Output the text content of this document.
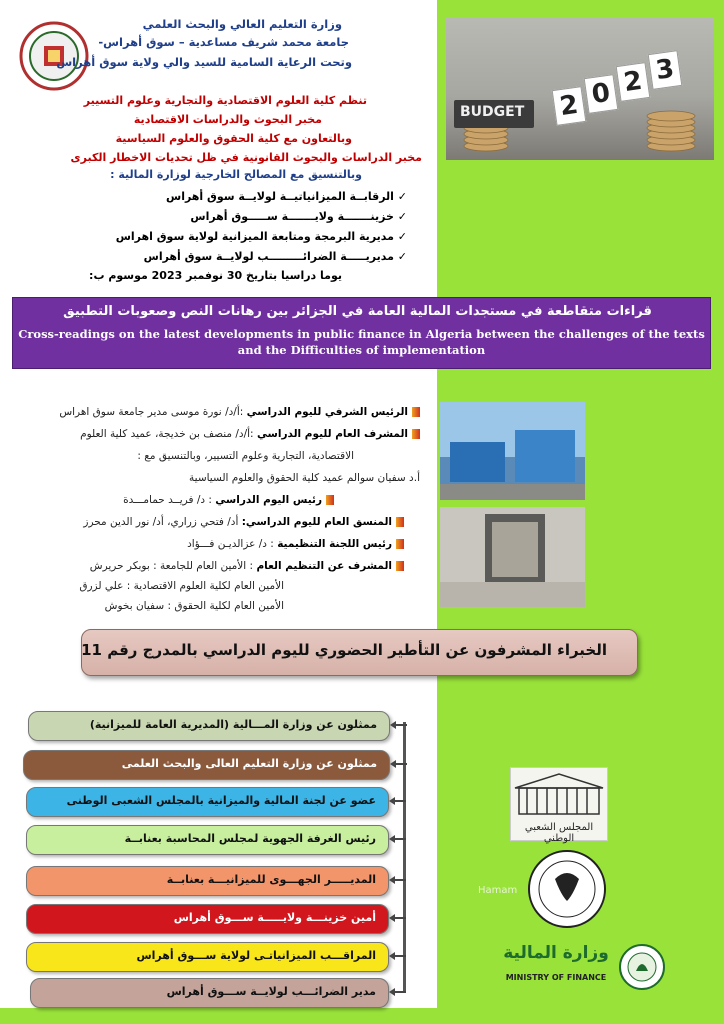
وزارة التعليم العالي والبحث العلمي
جامعة محمد شريف مساعدية – سوق أهراس-
وتحت الرعاية السامية للسيد والي ولاية سوق أهراس
تنظم كلية العلوم الاقتصادية والتجارية وعلوم التسيير
مخبر البحوث والدراسات الاقتصادية
وبالتعاون مع كلية الحقوق والعلوم السياسية
مخبر الدراسات والبحوث القانونية في ظل تحديات الاخطار الكبرى
وبالتنسيق مع المصالح الخارجية لوزارة المالية :
✓ الرقابــة الميزانياتيــة لولايــة سوق أهراس
✓ خزينـــــــة ولايـــــــة ســـــوق أهراس
✓ مديرية البرمجة ومتابعة الميزانية لولاية سوق اهراس
✓ مديريـــــة الضرائـــــــــب لولايــة سوق أهراس
يوما دراسيا بتاريخ 30 نوفمبر 2023 موسوم ب:
BUDGET 2 0 2 3
قراءات متقاطعة في مستجدات المالية العامة في الجزائر بين رهانات النص وصعوبات التطبيق
Cross-readings on the latest developments in public finance in Algeria between the challenges of the texts and the Difficulties of implementation
الرئيس الشرفي لليوم الدراسي :أ/د/ نورة موسى مدير جامعة سوق اهراس
المشرف العام لليوم الدراسي :أ/د/ منصف بن خديجة، عميد كلية العلوم
الاقتصادية، التجارية وعلوم التسيير، وبالتنسيق مع :
أ.د سفيان سوالم عميد كلية الحقوق والعلوم السياسية
رئيس اليوم الدراسي : د/ فريــد حمامـــدة
المنسق العام لليوم الدراسي: أد/ فتحي زراري، أد/ نور الدين محرز
رئيس اللجنة التنظيمية : د/ عزالديـن فـــؤاد
المشرف عن التنظيم العام : الأمين العام للجامعة : بوبكر حريرش
الأمين العام لكلية العلوم الاقتصادية : علي لزرق
الأمين العام لكلية الحقوق : سفيان بخوش
الخبراء المشرفون عن التأطير الحضوري لليوم الدراسي بالمدرج رقم 11
ممثلون عن وزارة المـــالية (المديرية العامة للميزانية)
ممثلون عن وزارة التعليم العالى والبحث العلمى
عضو عن لجنة المالية والميزانية بالمجلس الشعبى الوطنى
رئيس الغرفة الجهوية لمجلس المحاسبة بعنابــة
المديـــــر الجهـــوى للميزانيـــة بعنابــة
أمين خزينـــة ولايـــــة ســـوق أهراس
المراقـــب الميزانياتـى لولاية ســـوق أهراس
مدير الضرائـــب لولايــة ســـوق أهراس
المجلس الشعبي الوطني
Hamam
وزارة المالية
MINISTRY OF FINANCE
